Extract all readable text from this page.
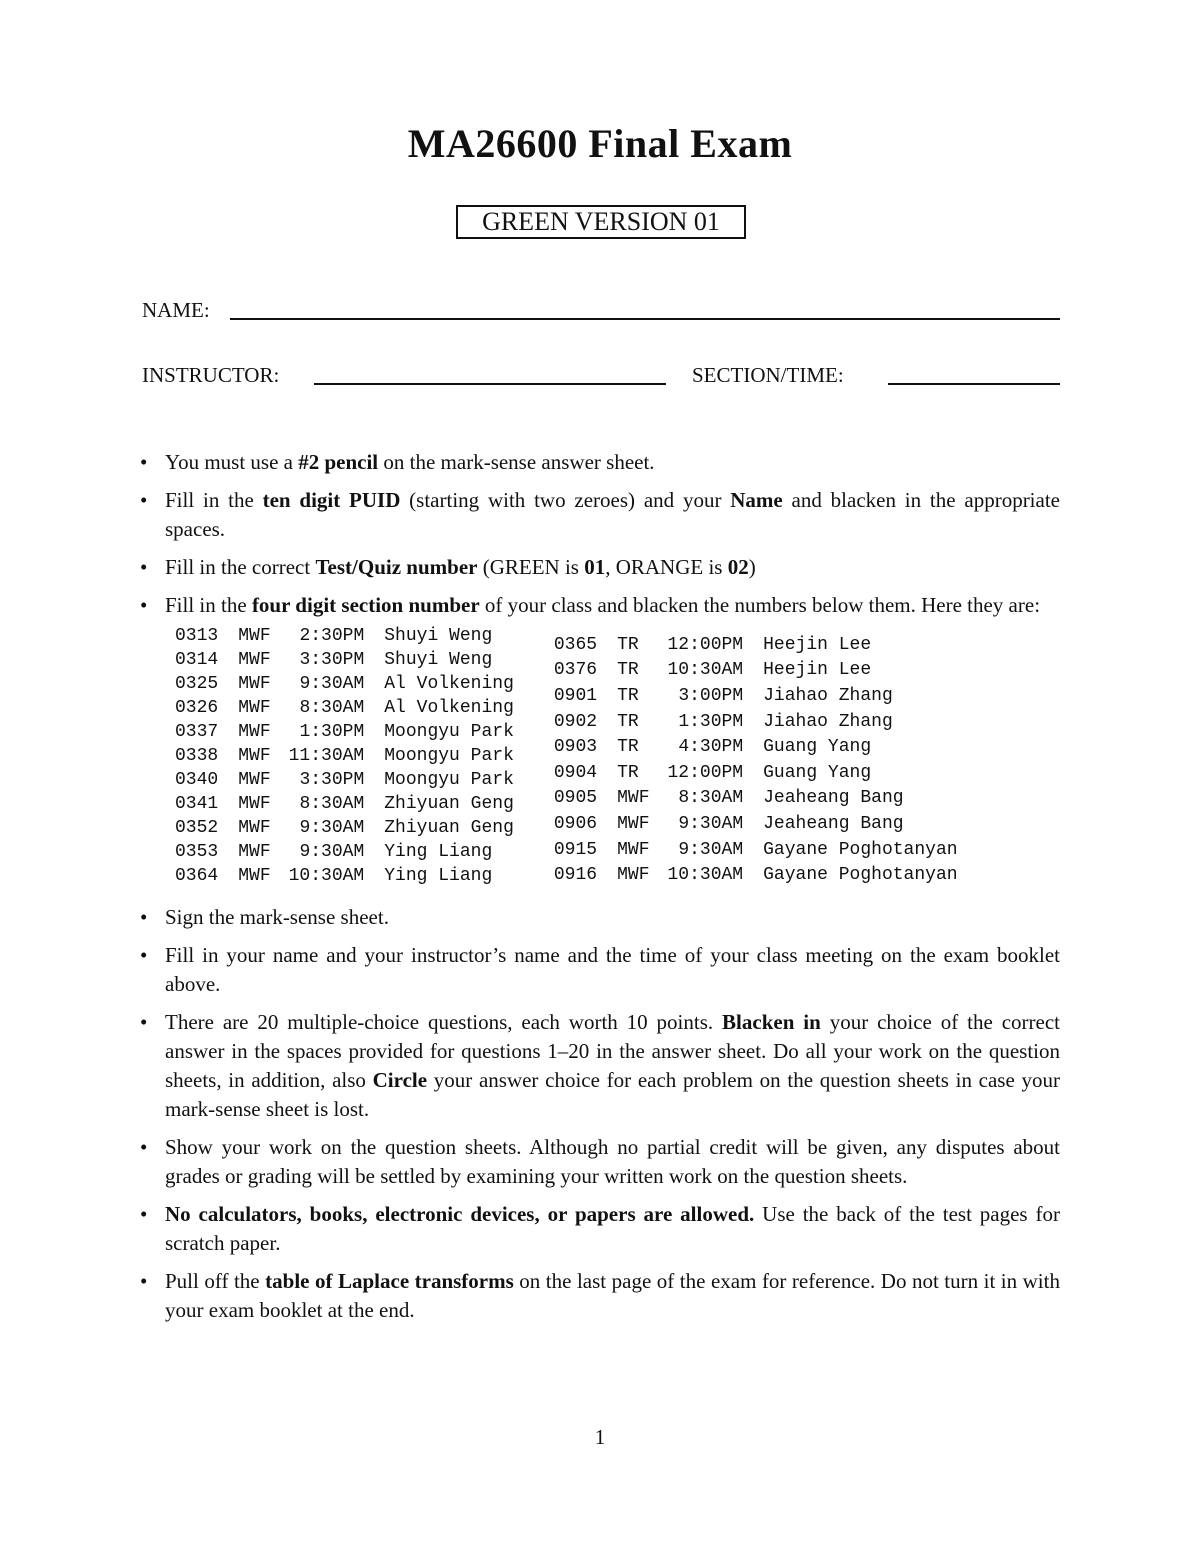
MA26600 Final Exam
GREEN VERSION 01
NAME:
INSTRUCTOR:	SECTION/TIME:
• You must use a #2 pencil on the mark-sense answer sheet.
• Fill in the ten digit PUID (starting with two zeroes) and your Name and blacken in the appropriate spaces.
• Fill in the correct Test/Quiz number (GREEN is 01, ORANGE is 02)
• Fill in the four digit section number of your class and blacken the numbers below them. Here they are:
0313	MWF	2:30PM	Shuyi Weng
0314	MWF	3:30PM	Shuyi Weng
0325	MWF	9:30AM	Al Volkening
0326	MWF	8:30AM	Al Volkening
0337	MWF	1:30PM	Moongyu Park
0338	MWF	11:30AM	Moongyu Park
0340	MWF	3:30PM	Moongyu Park
0341	MWF	8:30AM	Zhiyuan Geng
0352	MWF	9:30AM	Zhiyuan Geng
0353	MWF	9:30AM	Ying Liang
0364	MWF	10:30AM	Ying Liang
0365	TR	12:00PM	Heejin Lee
0376	TR	10:30AM	Heejin Lee
0901	TR	3:00PM	Jiahao Zhang
0902	TR	1:30PM	Jiahao Zhang
0903	TR	4:30PM	Guang Yang
0904	TR	12:00PM	Guang Yang
0905	MWF	8:30AM	Jeaheang Bang
0906	MWF	9:30AM	Jeaheang Bang
0915	MWF	9:30AM	Gayane Poghotanyan
0916	MWF	10:30AM	Gayane Poghotanyan
• Sign the mark-sense sheet.
• Fill in your name and your instructor’s name and the time of your class meeting on the exam booklet above.
• There are 20 multiple-choice questions, each worth 10 points. Blacken in your choice of the correct answer in the spaces provided for questions 1–20 in the answer sheet. Do all your work on the question sheets, in addition, also Circle your answer choice for each problem on the question sheets in case your mark-sense sheet is lost.
• Show your work on the question sheets. Although no partial credit will be given, any disputes about grades or grading will be settled by examining your written work on the question sheets.
• No calculators, books, electronic devices, or papers are allowed. Use the back of the test pages for scratch paper.
• Pull off the table of Laplace transforms on the last page of the exam for reference. Do not turn it in with your exam booklet at the end.
1
